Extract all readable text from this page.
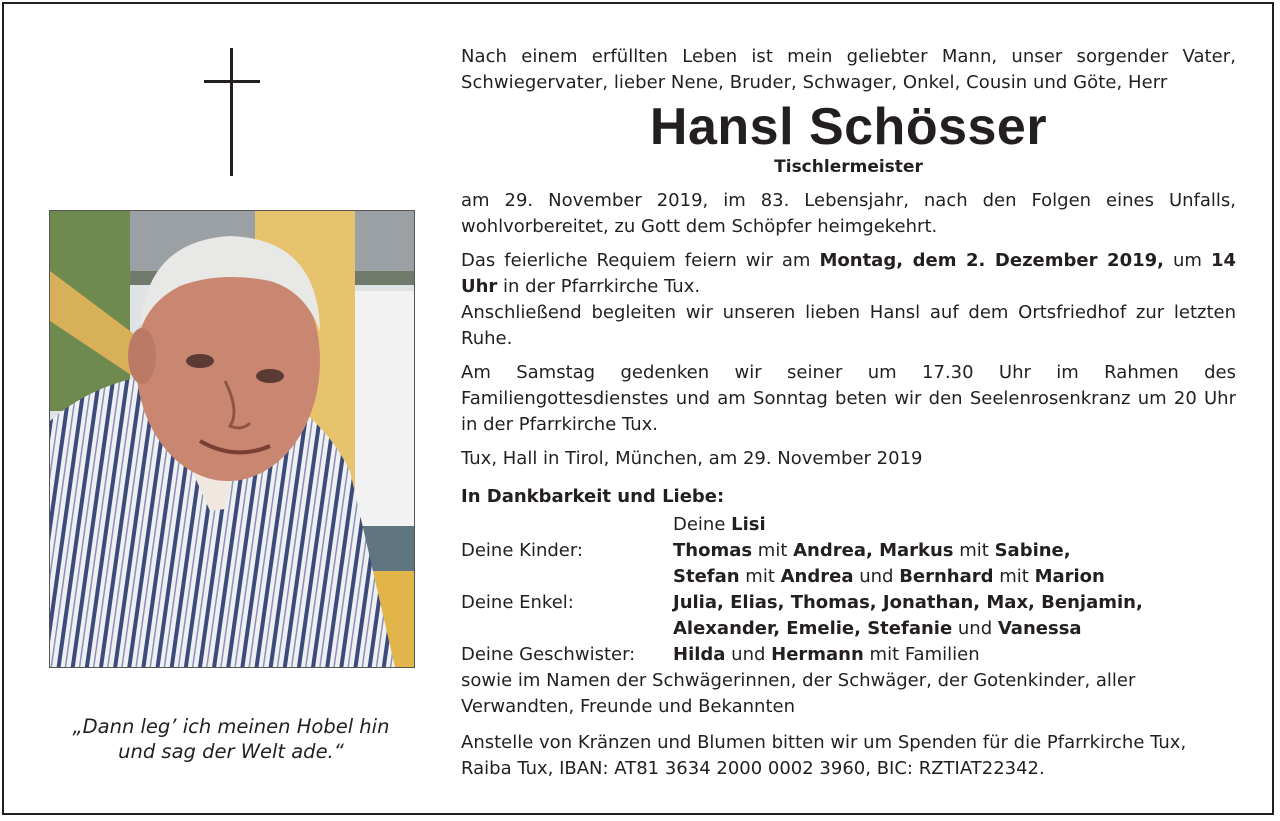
„Dann leg’ ich meinen Hobel hin
und sag der Welt ade.“

Nach einem erfüllten Leben ist mein geliebter Mann, unser sorgender Vater, Schwiegervater, lieber Nene, Bruder, Schwager, Onkel, Cousin und Göte, Herr

Hansl Schösser
Tischlermeister

am 29. November 2019, im 83. Lebensjahr, nach den Folgen eines Unfalls, wohlvorbereitet, zu Gott dem Schöpfer heimgekehrt.

Das feierliche Requiem feiern wir am Montag, dem 2. Dezember 2019, um 14 Uhr in der Pfarrkirche Tux.

Anschließend begleiten wir unseren lieben Hansl auf dem Ortsfriedhof zur letzten Ruhe.

Am Samstag gedenken wir seiner um 17.30 Uhr im Rahmen des Familiengottesdienstes und am Sonntag beten wir den Seelenrosenkranz um 20 Uhr in der Pfarrkirche Tux.

Tux, Hall in Tirol, München, am 29. November 2019

In Dankbarkeit und Liebe:
	Deine Lisi
Deine Kinder:	Thomas mit Andrea, Markus mit Sabine,
Stefan mit Andrea und Bernhard mit Marion

Deine Enkel:	Julia, Elias, Thomas, Jonathan, Max, Benjamin,
Alexander, Emelie, Stefanie und Vanessa

Deine Geschwister:	Hilda und Hermann mit Familien

sowie im Namen der Schwägerinnen, der Schwäger, der Gotenkinder, aller Verwandten, Freunde und Bekannten

Anstelle von Kränzen und Blumen bitten wir um Spenden für die Pfarrkirche Tux, Raiba Tux, IBAN: AT81 3634 2000 0002 3960, BIC: RZTIAT22342.
